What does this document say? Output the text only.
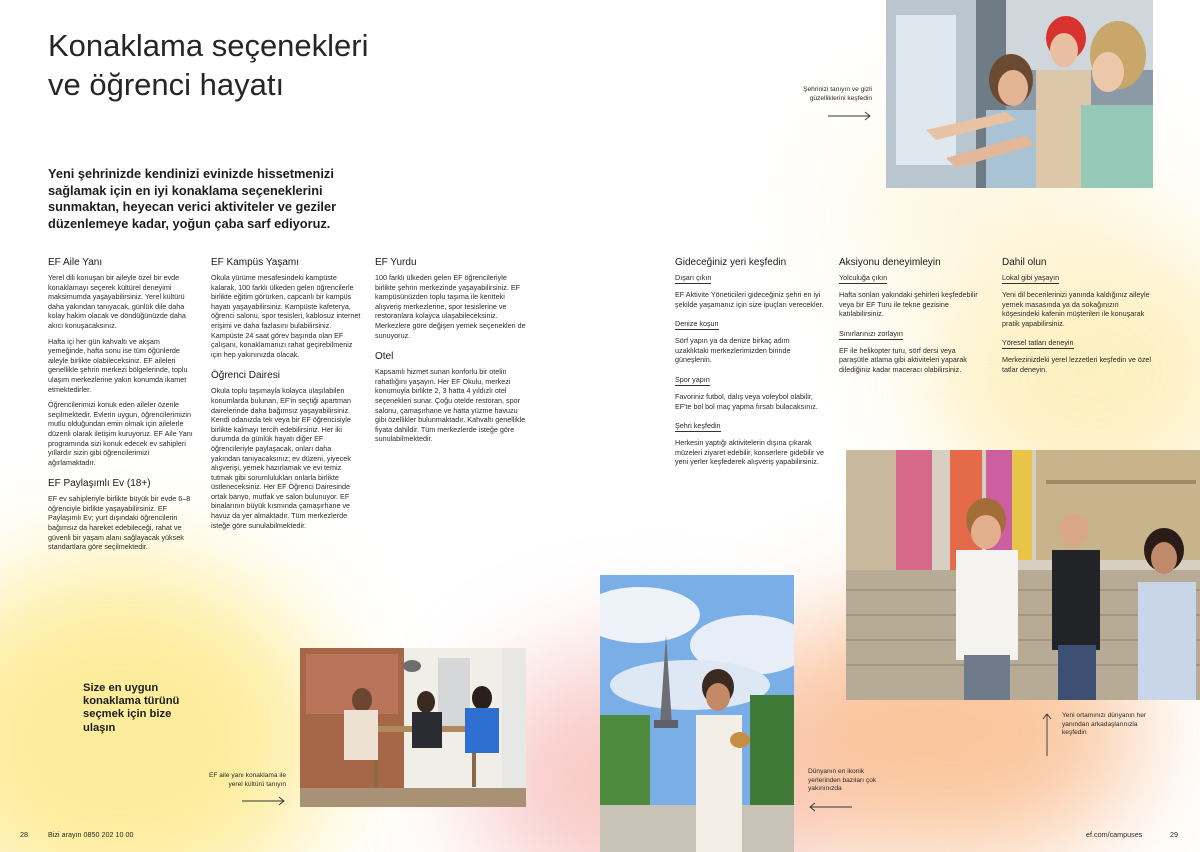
Konaklama seçenekleri
ve öğrenci hayatı

Yeni şehrinizde kendinizi evinizde hissetmenizi sağlamak için en iyi konaklama seçeneklerini sunmaktan, heyecan verici aktiviteler ve geziler düzenlemeye kadar, yoğun çaba sarf ediyoruz.

EF Aile Yanı

Yerel dili konuşan bir aileyle özel bir evde konaklamayı seçerek kültürel deneyimi maksimumda yaşayabilirsiniz. Yerel kültürü daha yakından tanıyacak, günlük dile daha kolay hakim olacak ve döndüğünüzde daha akıcı konuşacaksınız.

Hafta içi her gün kahvaltı ve akşam yemeğinde, hafta sonu ise tüm öğünlerde aileyle birlikte olabileceksiniz. EF aileleri genellikle şehrin merkezi bölgelerinde, toplu ulaşım merkezlerine yakın konumda ikamet etmektedirler.

Öğrencilerimizi konuk eden aileler özenle seçilmektedir. Evlerin uygun, öğrencilerimizin mutlu olduğundan emin olmak için ailelerle düzenli olarak iletişim kuruyoruz. EF Aile Yanı programında sizi konuk edecek ev sahipleri yıllardır sizin gibi öğrencilerimizi ağırlamaktadır.

EF Paylaşımlı Ev (18+)

EF ev sahipleriyle birlikte büyük bir evde 6–8 öğrenciyle birlikte yaşayabilirsiniz. EF Paylaşımlı Ev; yurt dışındaki öğrencilerin bağımsız da hareket edebileceği, rahat ve güvenli bir yaşam alanı sağlayacak yüksek standartlara göre seçilmektedir.

EF Kampüs Yaşamı

Okula yürüme mesafesindeki kampüste kalarak, 100 farklı ülkeden gelen öğrencilerle birlikte eğitim görürken, capcanlı bir kampüs hayatı yaşayabilirsiniz. Kampüste kafeterya, öğrenci salonu, spor tesisleri, kablosuz internet erişimi ve daha fazlasını bulabilirsiniz. Kampüste 24 saat görev başında olan EF çalışanı, konaklamanızı rahat geçirebilmeniz için hep yakınınızda olacak.

Öğrenci Dairesi

Okula toplu taşımayla kolayca ulaşılabilen konumlarda bulunan, EF'in seçtiği apartman dairelerinde daha bağımsız yaşayabilirsiniz. Kendi odanızda tek veya bir EF öğrencisiyle birlikte kalmayı tercih edebilirsiniz. Her iki durumda da günlük hayatı diğer EF öğrencileriyle paylaşacak, onları daha yakından tanıyacaksınız; ev düzeni, yiyecek alışverişi, yemek hazırlamak ve evi temiz tutmak gibi sorumlulukları onlarla birlikte üstleneceksiniz. Her EF Öğrenci Dairesinde ortak banyo, mutfak ve salon bulunuyor. EF binalarının büyük kısmında çamaşırhane ve havuz da yer almaktadır. Tüm merkezlerde isteğe göre sunulabilmektedir.

EF Yurdu

100 farklı ülkeden gelen EF öğrencileriyle birlikte şehrin merkezinde yaşayabilirsiniz. EF kampüsünüzden toplu taşıma ile kentteki alışveriş merkezlerine, spor tesislerine ve restoranlara kolayca ulaşabileceksiniz. Merkezlere göre değişen yemek seçenekleri de sunuyoruz.

Otel

Kapsamlı hizmet sunan konforlu bir otelin rahatlığını yaşayın. Her EF Okulu, merkezi konumuyla birlikte 2, 3 hatta 4 yıldızlı otel seçenekleri sunar. Çoğu otelde restoran, spor salonu, çamaşırhane ve hatta yüzme havuzu gibi özellikler bulunmaktadır. Kahvaltı genellikle fiyata dahildir. Tüm merkezlerde isteğe göre sunulabilmektedir.

Gideceğiniz yeri keşfedin
Dışarı çıkın

EF Aktivite Yöneticileri gideceğiniz şehri en iyi şekilde yaşamanız için size ipuçları verecekler.

Denize koşun

Sörf yapın ya da denize birkaç adım uzaklıktaki merkezlerimizden birinde güneşlenin.

Spor yapın

Favoriniz futbol, dalış veya voleybol olabilir, EF'te bol bol maç yapma fırsatı bulacaksınız.

Şehri keşfedin

Herkesin yaptığı aktivitelerin dışına çıkarak müzeleri ziyaret edebilir, konserlere gidebilir ve yeni yerler keşfederek alışveriş yapabilirsiniz.

Aksiyonu deneyimleyin
Yolculuğa çıkın

Hafta sonları yakındaki şehirleri keşfedebilir veya bir EF Turu ile tekne gezisine katılabilirsiniz.

Sınırlarınızı zorlayın

EF ile helikopter turu, sörf dersi veya paraşütle atlama gibi aktiviteleri yaparak dilediğiniz kadar maceracı olabilirsiniz.

Dahil olun
Lokal gibi yaşayın

Yeni dil becerilerinizi yanında kaldığınız aileyle yemek masasında ya da sokağınızın köşesindeki kafenin müşterileri ile konuşarak pratik yapabilirsiniz.

Yöresel tatları deneyin

Merkezinizdeki yerel lezzetleri keşfedin ve özel tatlar deneyin.

Şehrinizi tanıyın ve gizli güzelliklerini keşfedin
EF aile yanı konaklama ile yerel kültürü tanıyın

Size en uygun konaklama türünü seçmek için bize ulaşın

Dünyanın en ikonik yerlerinden bazıları çok yakınınızda
Yeni ortamınızı dünyanın her yanından arkadaşlarınızla keşfedin
28	Bizi arayın 0850 202 10 00	ef.com/campuses	29
